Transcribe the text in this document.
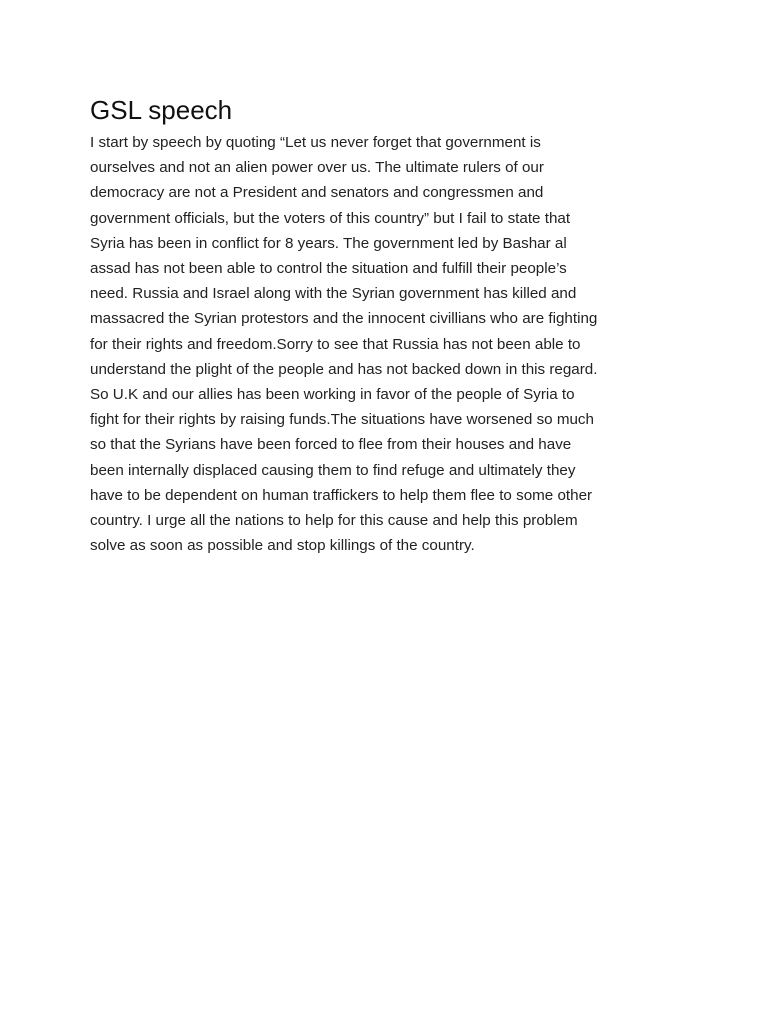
GSL speech

I start by speech by quoting “Let us never forget that government is
ourselves and not an alien power over us. The ultimate rulers of our
democracy are not a President and senators and congressmen and
government officials, but the voters of this country” but I fail to state that
Syria has been in conflict for 8 years. The government led by Bashar al
assad has not been able to control the situation and fulfill their people’s
need. Russia and Israel along with the Syrian government has killed and
massacred the Syrian protestors and the innocent civillians who are fighting
for their rights and freedom.Sorry to see that Russia has not been able to
understand the plight of the people and has not backed down in this regard.
So U.K and our allies has been working in favor of the people of Syria to
fight for their rights by raising funds.The situations have worsened so much
so that the Syrians have been forced to flee from their houses and have
been internally displaced causing them to find refuge and ultimately they
have to be dependent on human traffickers to help them flee to some other
country. I urge all the nations to help for this cause and help this problem
solve as soon as possible and stop killings of the country.
